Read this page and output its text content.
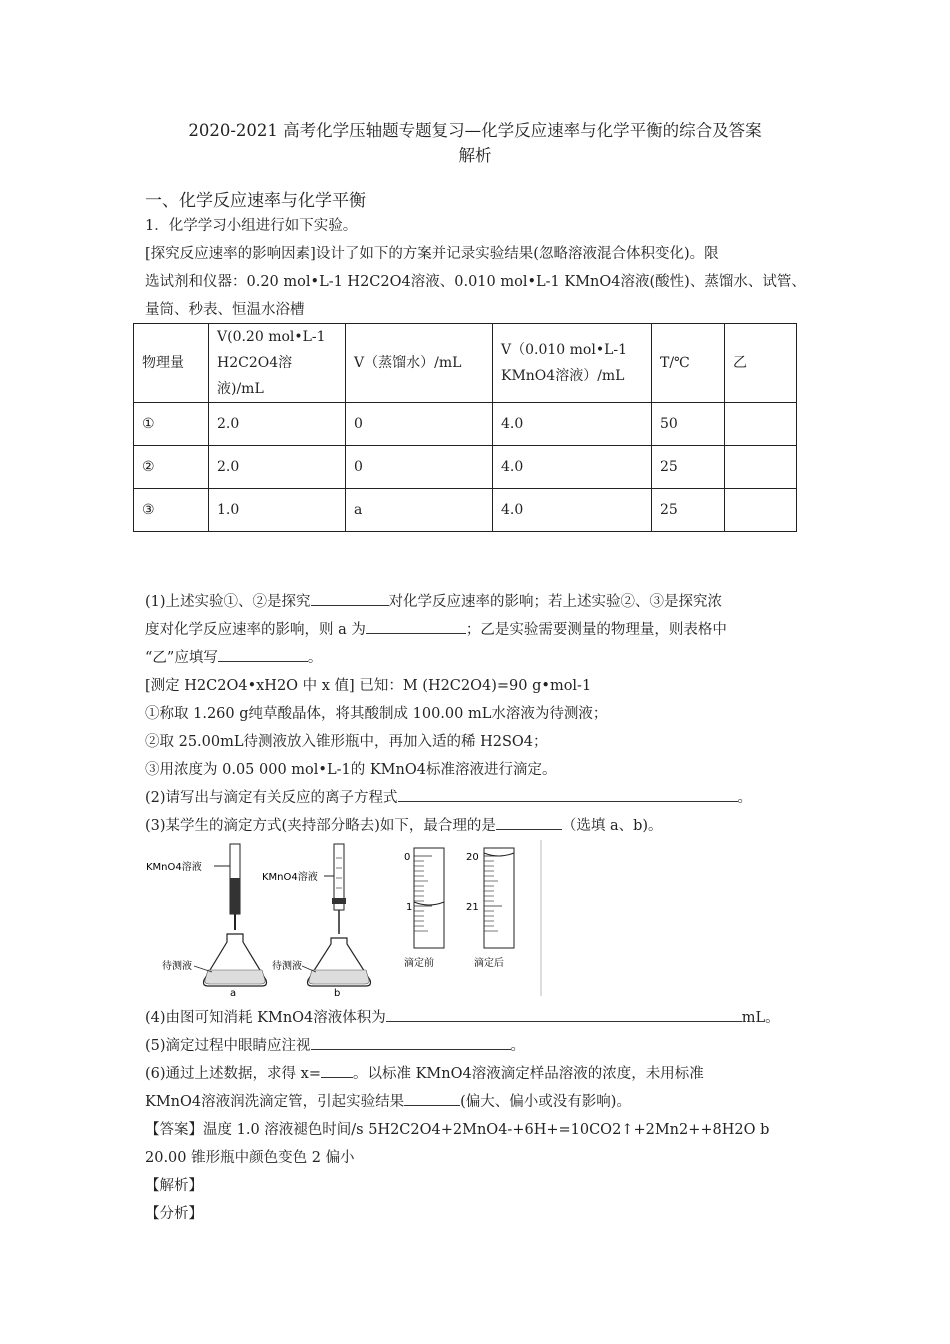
2020-2021 高考化学压轴题专题复习—化学反应速率与化学平衡的综合及答案
解析
一、化学反应速率与化学平衡
1．化学学习小组进行如下实验。
[探究反应速率的影响因素]设计了如下的方案并记录实验结果(忽略溶液混合体积变化)。限
选试剂和仪器：0.20 mol•L-1 H2C2O4溶液、0.010 mol•L-1 KMnO4溶液(酸性)、蒸馏水、试管、
量筒、秒表、恒温水浴槽
物理量	V(0.20 mol•L-1 H2C2O4溶液)/mL	V（蒸馏水）/mL	V（0.010 mol•L-1 KMnO4溶液）/mL	T/℃	乙
①	2.0	0	4.0	50	
②	2.0	0	4.0	25	
③	1.0	a	4.0	25	
(1)上述实验①、②是探究	对化学反应速率的影响；若上述实验②、③是探究浓
度对化学反应速率的影响，则 a 为	；乙是实验需要测量的物理量，则表格中
“乙”应填写	。
[测定 H2C2O4•xH2O 中 x 值] 已知：M (H2C2O4)=90 g•mol-1
①称取 1.260 g纯草酸晶体，将其酸制成 100.00 mL水溶液为待测液；
②取 25.00mL待测液放入锥形瓶中，再加入适的稀 H2SO4；
③用浓度为 0.05 000 mol•L-1的 KMnO4标准溶液进行滴定。
(2)请写出与滴定有关反应的离子方程式	。
(3)某学生的滴定方式(夹持部分略去)如下，最合理的是	（选填 a、b)。
KMnO4溶液
待测液
a
KMnO4溶液
待测液
b
0
1
滴定前
20
21
滴定后
(4)由图可知消耗 KMnO4溶液体积为	mL。
(5)滴定过程中眼睛应注视	。
(6)通过上述数据，求得 x= 。以标准 KMnO4溶液滴定样品溶液的浓度，未用标准
KMnO4溶液润洗滴定管，引起实验结果	(偏大、偏小或没有影响)。
【答案】温度 1.0 溶液褪色时间/s 5H2C2O4+2MnO4-+6H+=10CO2↑+2Mn2++8H2O b
20.00 锥形瓶中颜色变色 2 偏小
【解析】
【分析】
